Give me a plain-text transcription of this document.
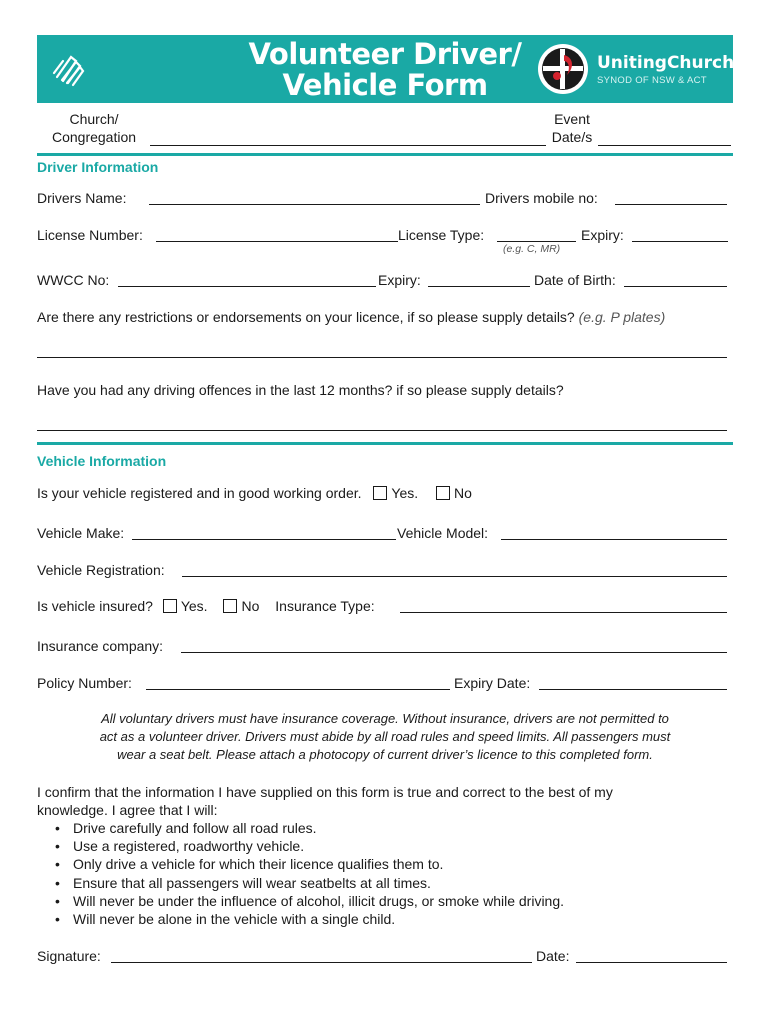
Volunteer Driver/
Vehicle Form
UnitingChurch
SYNOD OF NSW & ACT
Church/
Congregation
Event
Date/s
Driver Information
Drivers Name:	Drivers mobile no:
License Number:	License Type:	Expiry:
(e.g. C, MR)
WWCC No:	Expiry:	Date of Birth:
Are there any restrictions or endorsements on your licence, if so please supply details? (e.g. P plates)
Have you had any driving offences in the last 12 months? if so please supply details?
Vehicle Information
Is your vehicle registered and in good working order. Yes.	No
Vehicle Make:	Vehicle Model:
Vehicle Registration:
Is vehicle insured? Yes. No Insurance Type:
Insurance company:
Policy Number:	Expiry Date:
All voluntary drivers must have insurance coverage. Without insurance, drivers are not permitted to
act as a volunteer driver. Drivers must abide by all road rules and speed limits. All passengers must
wear a seat belt. Please attach a photocopy of current driver’s licence to this completed form.
I confirm that the information I have supplied on this form is true and correct to the best of my
knowledge. I agree that I will:
• Drive carefully and follow all road rules.
• Use a registered, roadworthy vehicle.
• Only drive a vehicle for which their licence qualifies them to.
• Ensure that all passengers will wear seatbelts at all times.
• Will never be under the influence of alcohol, illicit drugs, or smoke while driving.
• Will never be alone in the vehicle with a single child.
Signature:	Date:
